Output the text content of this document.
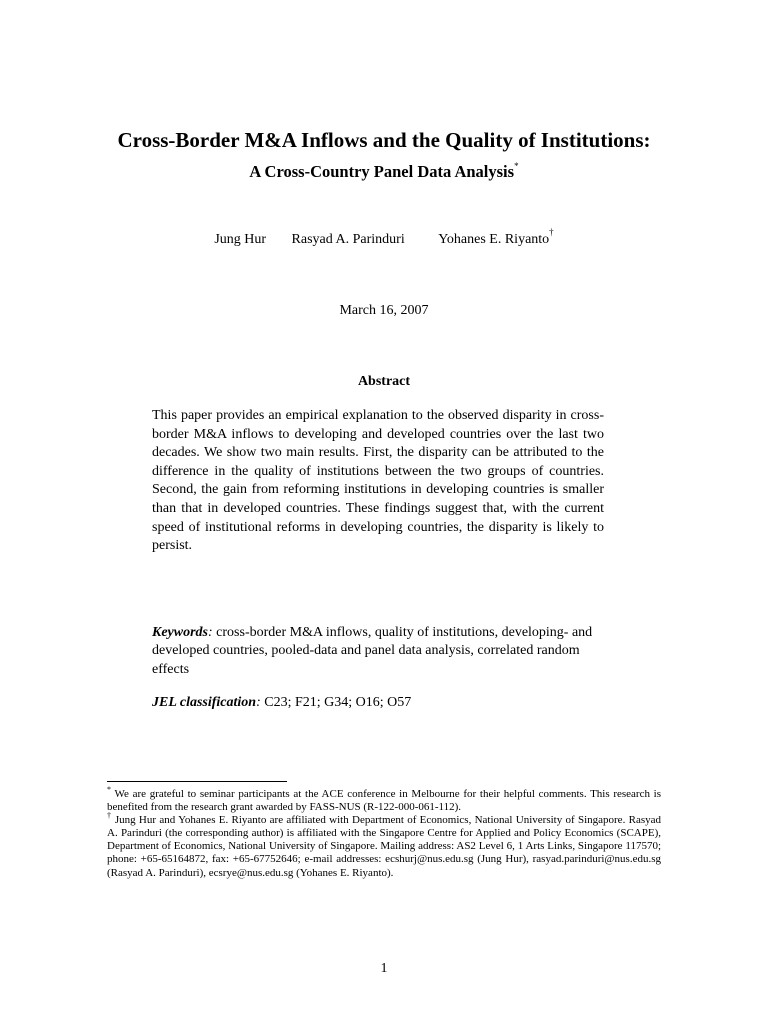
Cross-Border M&A Inflows and the Quality of Institutions:
A Cross-Country Panel Data Analysis*
Jung Hur Rasyad A. Parinduri Yohanes E. Riyanto†
March 16, 2007
Abstract

This paper provides an empirical explanation to the observed disparity in cross-border M&A inflows to developing and developed countries over the last two decades. We show two main results. First, the disparity can be attributed to the difference in the quality of institutions between the two groups of countries. Second, the gain from reforming institutions in developing countries is smaller than that in developed countries. These findings suggest that, with the current speed of institutional reforms in developing countries, the disparity is likely to persist.

Keywords: cross-border M&A inflows, quality of institutions, developing- and developed countries, pooled-data and panel data analysis, correlated random effects

JEL classification: C23; F21; G34; O16; O57

* We are grateful to seminar participants at the ACE conference in Melbourne for their helpful comments. This research is benefited from the research grant awarded by FASS-NUS (R-122-000-061-112).

† Jung Hur and Yohanes E. Riyanto are affiliated with Department of Economics, National University of Singapore. Rasyad A. Parinduri (the corresponding author) is affiliated with the Singapore Centre for Applied and Policy Economics (SCAPE), Department of Economics, National University of Singapore. Mailing address: AS2 Level 6, 1 Arts Links, Singapore 117570; phone: +65-65164872, fax: +65-67752646; e-mail addresses: ecshurj@nus.edu.sg (Jung Hur), rasyad.parinduri@nus.edu.sg (Rasyad A. Parinduri), ecsrye@nus.edu.sg (Yohanes E. Riyanto).

1
